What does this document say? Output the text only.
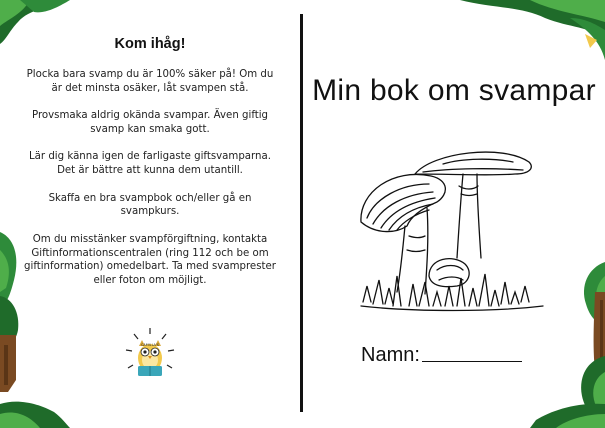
Kom ihåg!

Plocka bara svamp du är 100% säker på! Om du är det minsta osäker, låt svampen stå.

Provsmaka aldrig okända svampar. Även giftig svamp kan smaka gott.

Lär dig känna igen de farligaste giftsvamparna. Det är bättre att kunna dem utantill.

Skaffa en bra svampbok och/eller gå en svampkurs.

Om du misstänker svampförgiftning, kontakta Giftinformationscentralen (ring 112 och be om giftinformation) omedelbart. Ta med svamprester eller foton om möjligt.

CAMILLA'S
Min bok om svampar
Namn:
